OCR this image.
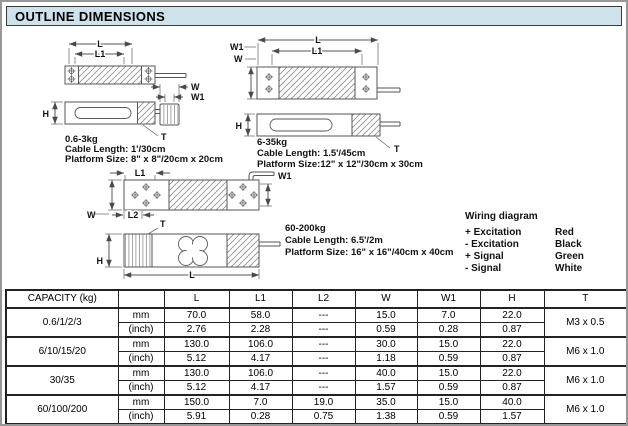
OUTLINE DIMENSIONS
L
L1
H
T
W
W1
0.6-3kg
Cable Length: 1'/30cm
Platform Size: 8" x 8"/20cm x 20cm
L
L1
W1
W
H
T
6-35kg
Cable Length: 1.5'/45cm
Platform Size:12" x 12"/30cm x 30cm
L1	W1
W	L2
T
H
L
60-200kg
Cable Length: 6.5'/2m
Platform Size: 16" x 16"/40cm x 40cm
Wiring diagram
+ Excitation	Red
- Excitation	Black
+ Signal	Green
- Signal	White
CAPACITY (kg)		L	L1	L2	W	W1	H	T
0.6/1/2/3	mm	70.0	58.0	---	15.0	7.0	22.0	M3 x 0.5
	(inch)	2.76	2.28	---	0.59	0.28	0.87	
6/10/15/20	mm	130.0	106.0	---	30.0	15.0	22.0	M6 x 1.0
	(inch)	5.12	4.17	---	1.18	0.59	0.87	
30/35	mm	130.0	106.0	---	40.0	15.0	22.0	M6 x 1.0
	(inch)	5.12	4.17	---	1.57	0.59	0.87	
60/100/200	mm	150.0	7.0	19.0	35.0	15.0	40.0	M6 x 1.0
	(inch)	5.91	0.28	0.75	1.38	0.59	1.57	
